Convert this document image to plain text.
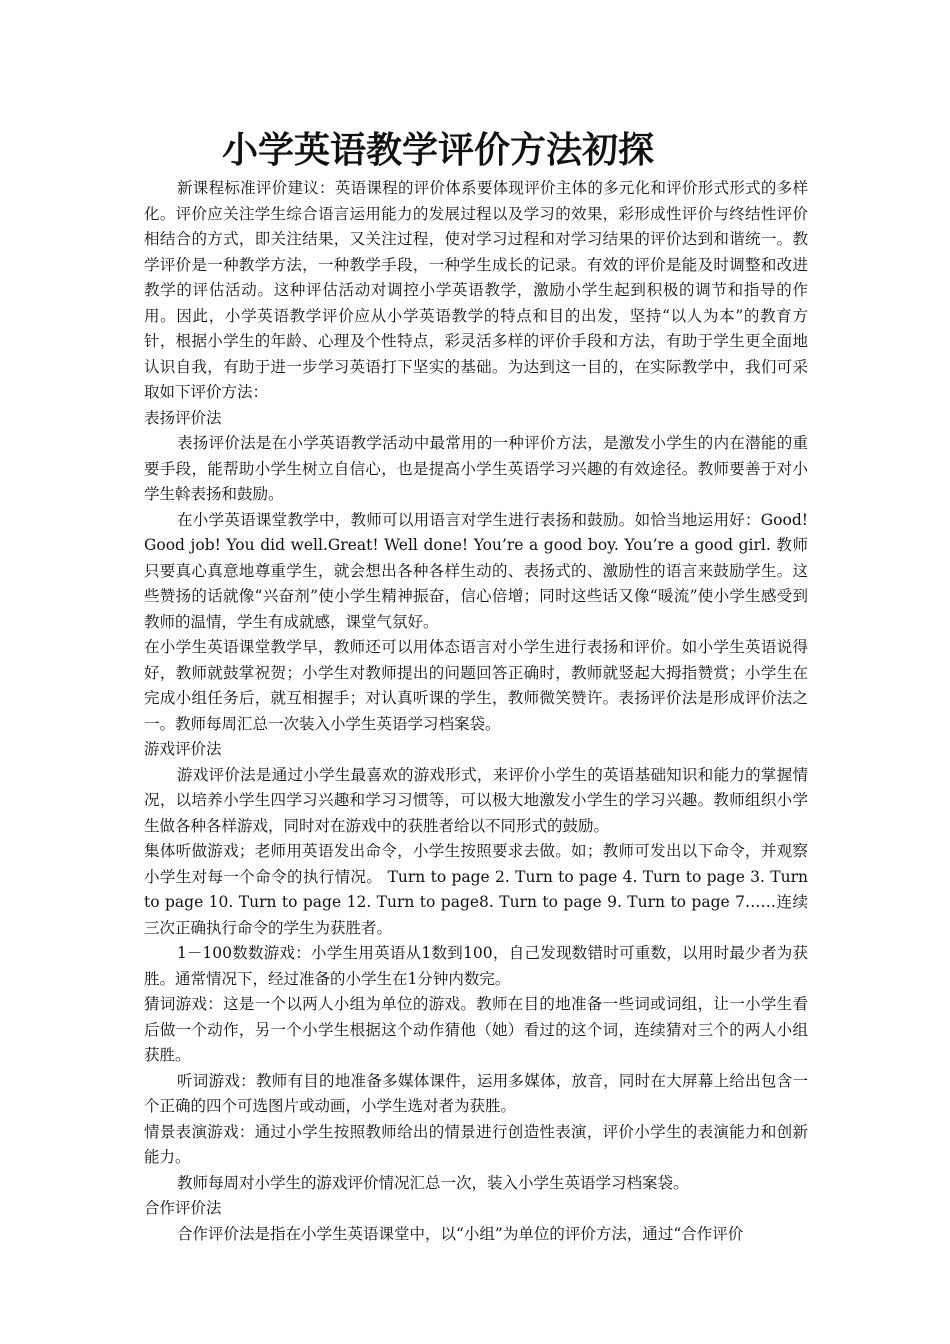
小学英语教学评价方法初探
新课程标准评价建议：英语课程的评价体系要体现评价主体的多元化和评价形式形式的多样化。评价应关注学生综合语言运用能力的发展过程以及学习的效果，彩形成性评价与终结性评价相结合的方式，即关注结果，又关注过程，使对学习过程和对学习结果的评价达到和谐统一。教学评价是一种教学方法，一种教学手段，一种学生成长的记录。有效的评价是能及时调整和改进教学的评估活动。这种评估活动对调控小学英语教学，激励小学生起到积极的调节和指导的作用。因此，小学英语教学评价应从小学英语教学的特点和目的出发，坚持“以人为本”的教育方针，根据小学生的年龄、心理及个性特点，彩灵活多样的评价手段和方法，有助于学生更全面地认识自我，有助于进一步学习英语打下坚实的基础。为达到这一目的，在实际教学中，我们可采取如下评价方法：
表扬评价法
表扬评价法是在小学英语教学活动中最常用的一种评价方法，是激发小学生的内在潜能的重要手段，能帮助小学生树立自信心，也是提高小学生英语学习兴趣的有效途径。教师要善于对小学生斡表扬和鼓励。
在小学英语课堂教学中，教师可以用语言对学生进行表扬和鼓励。如恰当地运用好：Good! Good job! You did well.Great! Well done! You’re a good boy. You’re a good girl. 教师只要真心真意地尊重学生，就会想出各种各样生动的、表扬式的、激励性的语言来鼓励学生。这些赞扬的话就像“兴奋剂”使小学生精神振奋，信心倍增；同时这些话又像“暖流”使小学生感受到教师的温情，学生有成就感，课堂气氛好。
在小学生英语课堂教学早，教师还可以用体态语言对小学生进行表扬和评价。如小学生英语说得好，教师就鼓掌祝贺；小学生对教师提出的问题回答正确时，教师就竖起大拇指赞赏；小学生在完成小组任务后，就互相握手；对认真听课的学生，教师微笑赞许。表扬评价法是形成评价法之一。教师每周汇总一次装入小学生英语学习档案袋。
游戏评价法
游戏评价法是通过小学生最喜欢的游戏形式，来评价小学生的英语基础知识和能力的掌握情况，以培养小学生四学习兴趣和学习习惯等，可以极大地激发小学生的学习兴趣。教师组织小学生做各种各样游戏，同时对在游戏中的获胜者给以不同形式的鼓励。
集体听做游戏；老师用英语发出命令，小学生按照要求去做。如；教师可发出以下命令，并观察小学生对每一个命令的执行情况。 Turn to page 2. Turn to page 4. Turn to page 3. Turn to page 10. Turn to page 12. Turn to page8. Turn to page 9. Turn to page 7……连续三次正确执行命令的学生为获胜者。
1－100数数游戏：小学生用英语从1数到100，自己发现数错时可重数，以用时最少者为获胜。通常情况下，经过准备的小学生在1分钟内数完。
猜词游戏：这是一个以两人小组为单位的游戏。教师在目的地准备一些词或词组，让一小学生看后做一个动作，另一个小学生根据这个动作猜他（她）看过的这个词，连续猜对三个的两人小组获胜。
听词游戏：教师有目的地准备多媒体课件，运用多媒体，放音，同时在大屏幕上给出包含一个正确的四个可选图片或动画，小学生选对者为获胜。
情景表演游戏：通过小学生按照教师给出的情景进行创造性表演，评价小学生的表演能力和创新能力。
教师每周对小学生的游戏评价情况汇总一次，装入小学生英语学习档案袋。
合作评价法
合作评价法是指在小学生英语课堂中，以“小组”为单位的评价方法，通过“合作评价
